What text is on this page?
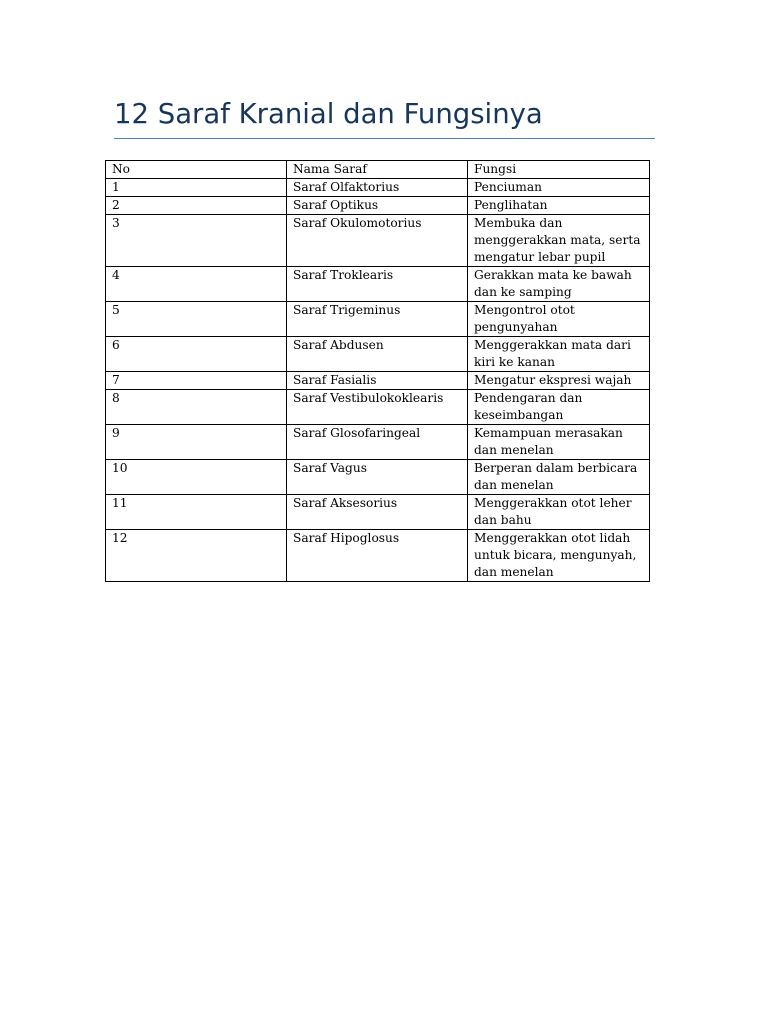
12 Saraf Kranial dan Fungsinya
No	Nama Saraf	Fungsi
1	Saraf Olfaktorius	Penciuman
2	Saraf Optikus	Penglihatan
3	Saraf Okulomotorius	Membuka dan menggerakkan mata, serta mengatur lebar pupil
4	Saraf Troklearis	Gerakkan mata ke bawah dan ke samping
5	Saraf Trigeminus	Mengontrol otot pengunyahan
6	Saraf Abdusen	Menggerakkan mata dari kiri ke kanan
7	Saraf Fasialis	Mengatur ekspresi wajah
8	Saraf Vestibulokoklearis	Pendengaran dan keseimbangan
9	Saraf Glosofaringeal	Kemampuan merasakan dan menelan
10	Saraf Vagus	Berperan dalam berbicara dan menelan
11	Saraf Aksesorius	Menggerakkan otot leher dan bahu
12	Saraf Hipoglosus	Menggerakkan otot lidah untuk bicara, mengunyah, dan menelan
